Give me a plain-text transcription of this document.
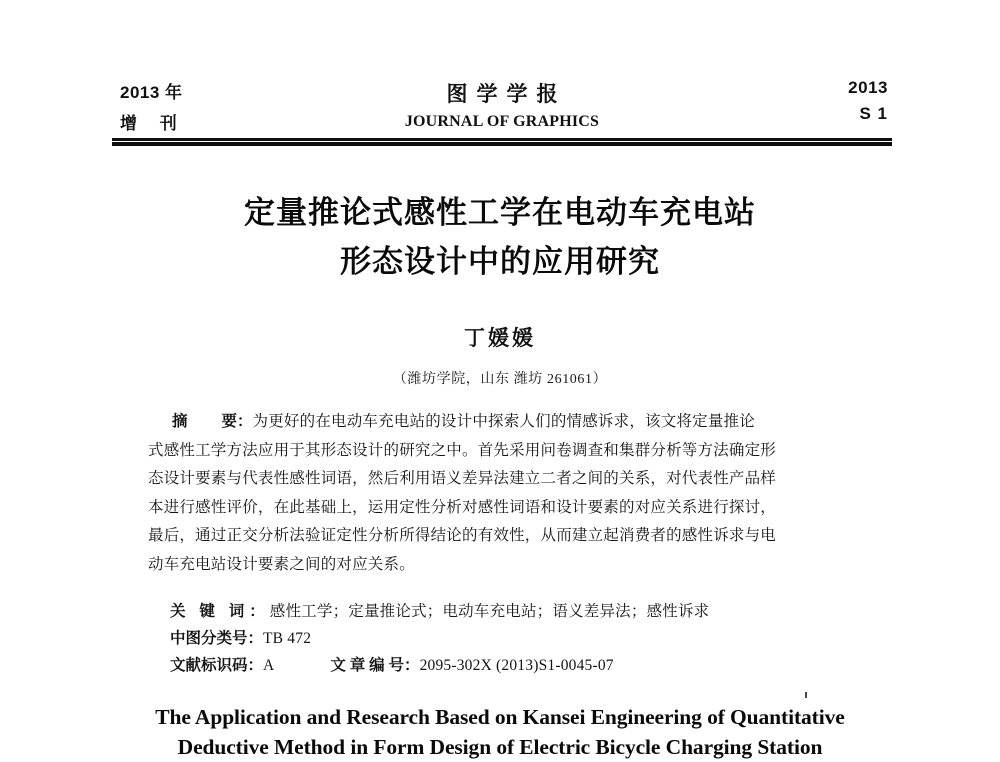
2013 年
增 刊
图学学报
JOURNAL OF GRAPHICS
2013
S 1
定量推论式感性工学在电动车充电站
形态设计中的应用研究
丁媛媛
（潍坊学院，山东 潍坊 261061）
摘 要：为更好的在电动车充电站的设计中探索人们的情感诉求，该文将定量推论
式感性工学方法应用于其形态设计的研究之中。首先采用问卷调查和集群分析等方法确定形
态设计要素与代表性感性词语，然后利用语义差异法建立二者之间的关系，对代表性产品样
本进行感性评价，在此基础上，运用定性分析对感性词语和设计要素的对应关系进行探讨，
最后，通过正交分析法验证定性分析所得结论的有效性，从而建立起消费者的感性诉求与电
动车充电站设计要素之间的对应关系。
关 键 词：感性工学；定量推论式；电动车充电站；语义差异法；感性诉求
中图分类号：TB 472
文献标识码：A	文 章 编 号：2095-302X (2013)S1-0045-07
The Application and Research Based on Kansei Engineering of Quantitative
Deductive Method in Form Design of Electric Bicycle Charging Station
